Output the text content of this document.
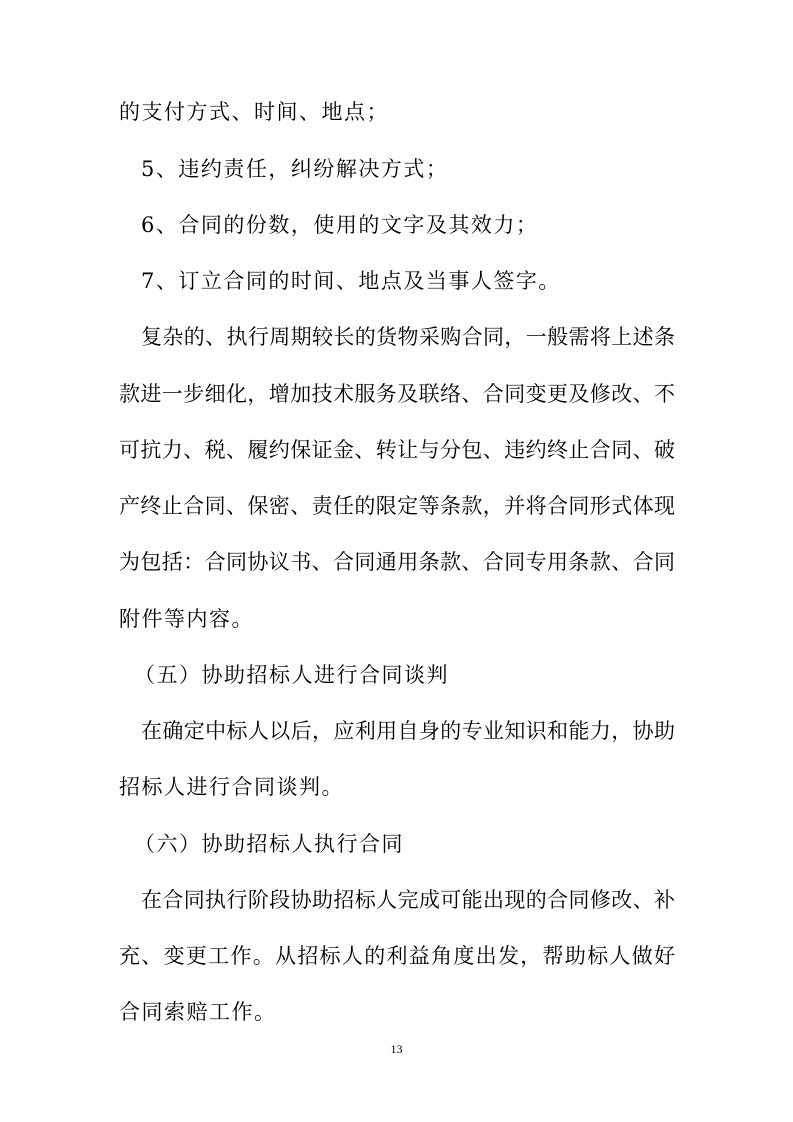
的支付方式、时间、地点；
5、违约责任，纠纷解决方式；
6、合同的份数，使用的文字及其效力；
7、订立合同的时间、地点及当事人签字。
复杂的、执行周期较长的货物采购合同，一般需将上述条
款进一步细化，增加技术服务及联络、合同变更及修改、不
可抗力、税、履约保证金、转让与分包、违约终止合同、破
产终止合同、保密、责任的限定等条款，并将合同形式体现
为包括：合同协议书、合同通用条款、合同专用条款、合同
附件等内容。
（五）协助招标人进行合同谈判
在确定中标人以后，应利用自身的专业知识和能力，协助
招标人进行合同谈判。
（六）协助招标人执行合同
在合同执行阶段协助招标人完成可能出现的合同修改、补
充、变更工作。从招标人的利益角度出发，帮助标人做好
合同索赔工作。
13
